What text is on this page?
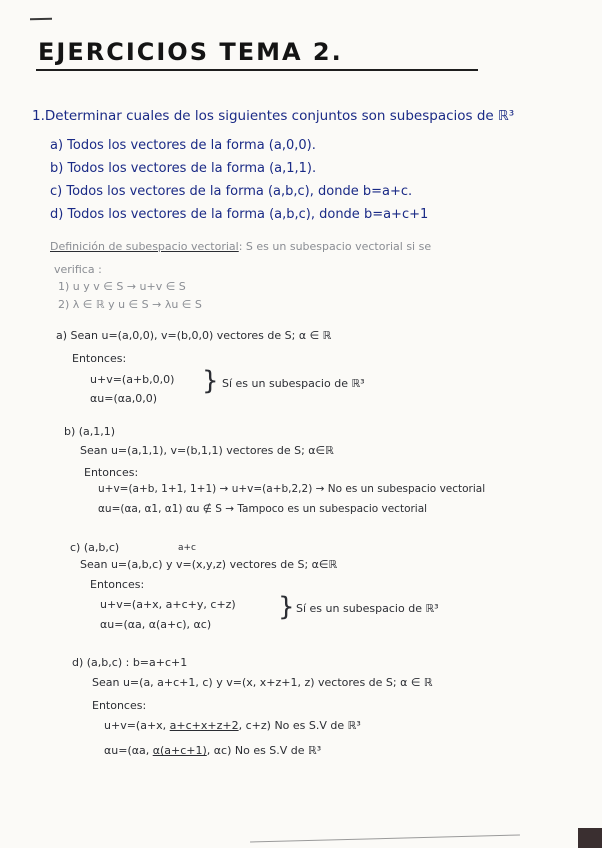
EJERCICIOS TEMA 2.
1.Determinar cuales de los siguientes conjuntos son subespacios de ℝ³
a) Todos los vectores de la forma (a,0,0).
b) Todos los vectores de la forma (a,1,1).
c) Todos los vectores de la forma (a,b,c), donde b=a+c.
d) Todos los vectores de la forma (a,b,c), donde b=a+c+1
Definición de subespacio vectorial: S es un subespacio vectorial si se
verifica :
1) u y v ∈ S → u+v ∈ S
2) λ ∈ ℝ y u ∈ S → λu ∈ S
a) Sean u=(a,0,0), v=(b,0,0) vectores de S; α ∈ ℝ
Entonces:
u+v=(a+b,0,0)
αu=(αa,0,0)
} Sí es un subespacio de ℝ³
b) (a,1,1)
Sean u=(a,1,1), v=(b,1,1) vectores de S; α∈ℝ
Entonces:
u+v=(a+b, 1+1, 1+1) → u+v=(a+b,2,2) → No es un subespacio vectorial
αu=(αa, α1, α1) αu ∉ S → Tampoco es un subespacio vectorial
c) (a,b,c)	a+c
Sean u=(a,b,c) y v=(x,y,z) vectores de S; α∈ℝ
Entonces:
u+v=(a+x, a+c+y, c+z)
αu=(αa, α(a+c), αc)
} Sí es un subespacio de ℝ³
d) (a,b,c) : b=a+c+1
Sean u=(a, a+c+1, c) y v=(x, x+z+1, z) vectores de S; α ∈ ℝ
Entonces:
u+v=(a+x, a+c+x+z+2, c+z) No es S.V de ℝ³
αu=(αa, α(a+c+1), αc) No es S.V de ℝ³
